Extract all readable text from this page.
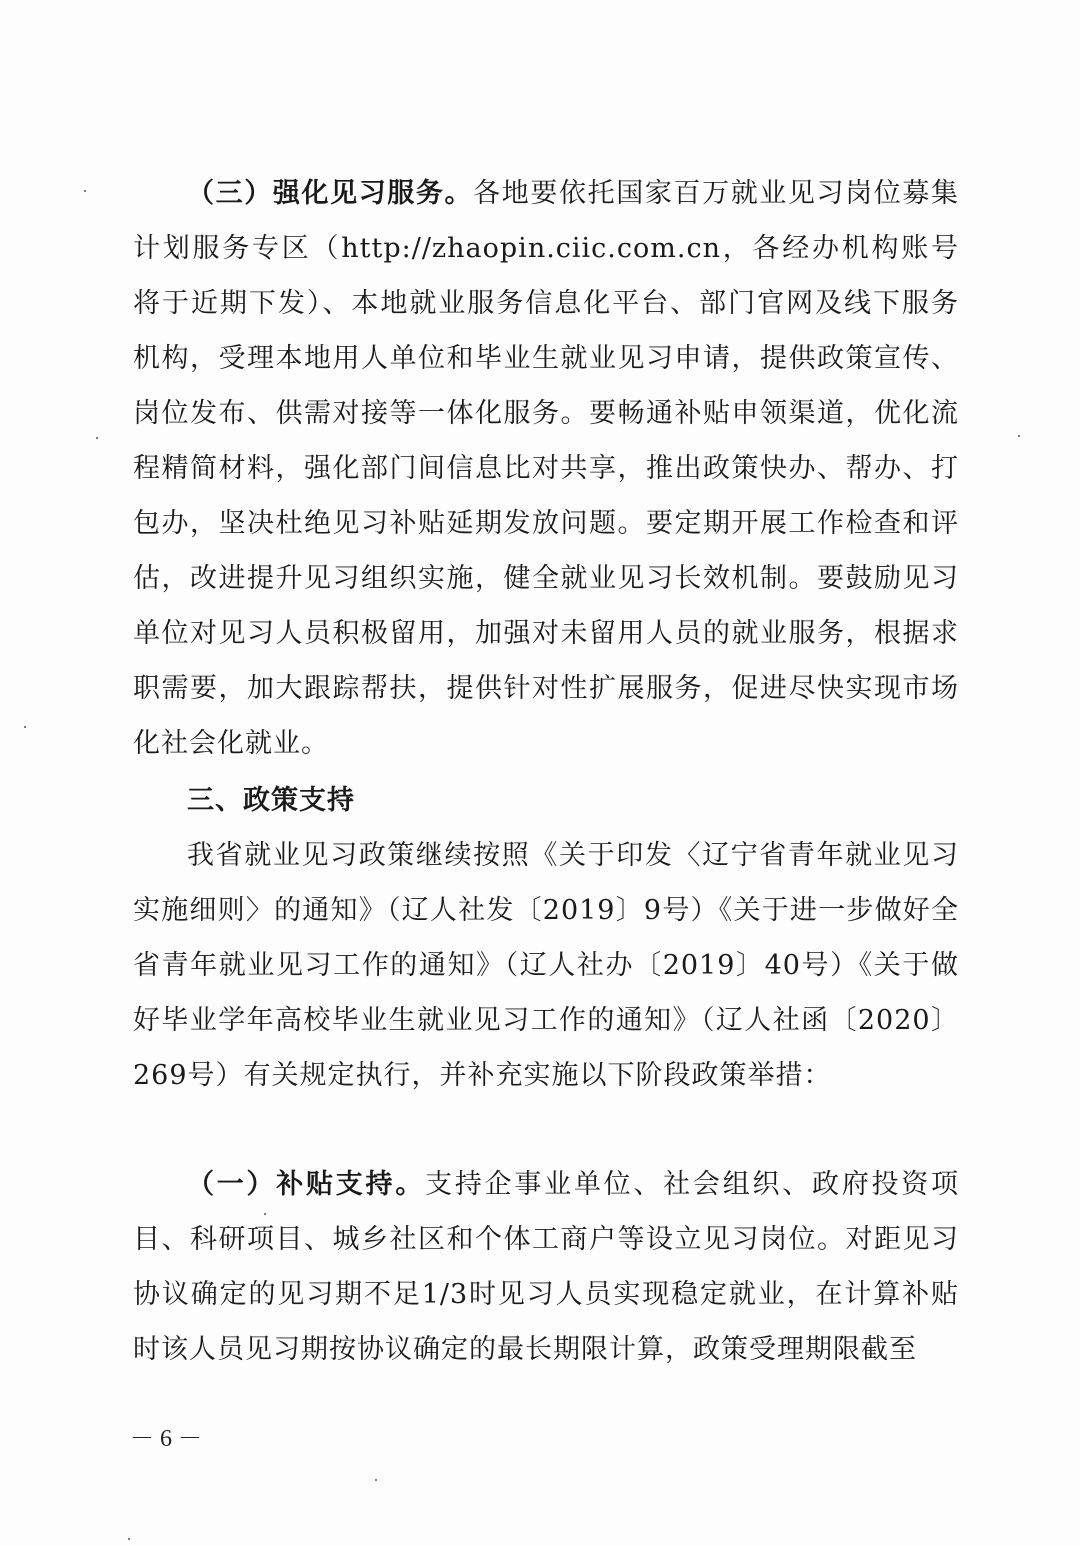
（三）强化见习服务。各地要依托国家百万就业见习岗位募集计划服务专区（http://zhaopin.ciic.com.cn，各经办机构账号将于近期下发）、本地就业服务信息化平台、部门官网及线下服务机构，受理本地用人单位和毕业生就业见习申请，提供政策宣传、岗位发布、供需对接等一体化服务。要畅通补贴申领渠道，优化流程精简材料，强化部门间信息比对共享，推出政策快办、帮办、打包办，坚决杜绝见习补贴延期发放问题。要定期开展工作检查和评估，改进提升见习组织实施，健全就业见习长效机制。要鼓励见习单位对见习人员积极留用，加强对未留用人员的就业服务，根据求职需要，加大跟踪帮扶，提供针对性扩展服务，促进尽快实现市场化社会化就业。

三、政策支持

我省就业见习政策继续按照《关于印发〈辽宁省青年就业见习实施细则〉的通知》（辽人社发〔2019〕9号）《关于进一步做好全省青年就业见习工作的通知》（辽人社办〔2019〕40号）《关于做好毕业学年高校毕业生就业见习工作的通知》（辽人社函〔2020〕269号）有关规定执行，并补充实施以下阶段政策举措：

（一）补贴支持。支持企事业单位、社会组织、政府投资项目、科研项目、城乡社区和个体工商户等设立见习岗位。对距见习协议确定的见习期不足1/3时见习人员实现稳定就业，在计算补贴时该人员见习期按协议确定的最长期限计算，政策受理期限截至

－ 6 －
